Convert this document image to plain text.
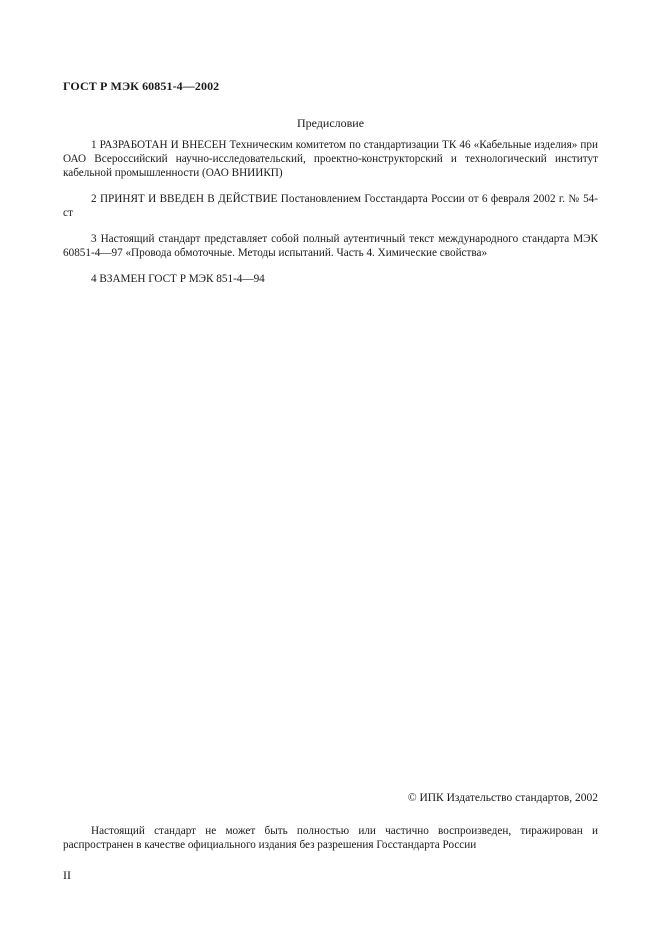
ГОСТ Р МЭК 60851-4—2002
Предисловие

1 РАЗРАБОТАН И ВНЕСЕН Техническим комитетом по стандартизации ТК 46 «Кабельные изделия» при ОАО Всероссийский научно-исследовательский, проектно-конструкторский и технологический институт кабельной промышленности (ОАО ВНИИКП)

2 ПРИНЯТ И ВВЕДЕН В ДЕЙСТВИЕ Постановлением Госстандарта России от 6 февраля 2002 г. № 54-ст

3 Настоящий стандарт представляет собой полный аутентичный текст международного стандарта МЭК 60851-4—97 «Провода обмоточные. Методы испытаний. Часть 4. Химические свойства»

4 ВЗАМЕН ГОСТ Р МЭК 851-4—94

© ИПК Издательство стандартов, 2002

Настоящий стандарт не может быть полностью или частично воспроизведен, тиражирован и распространен в качестве официального издания без разрешения Госстандарта России

II
